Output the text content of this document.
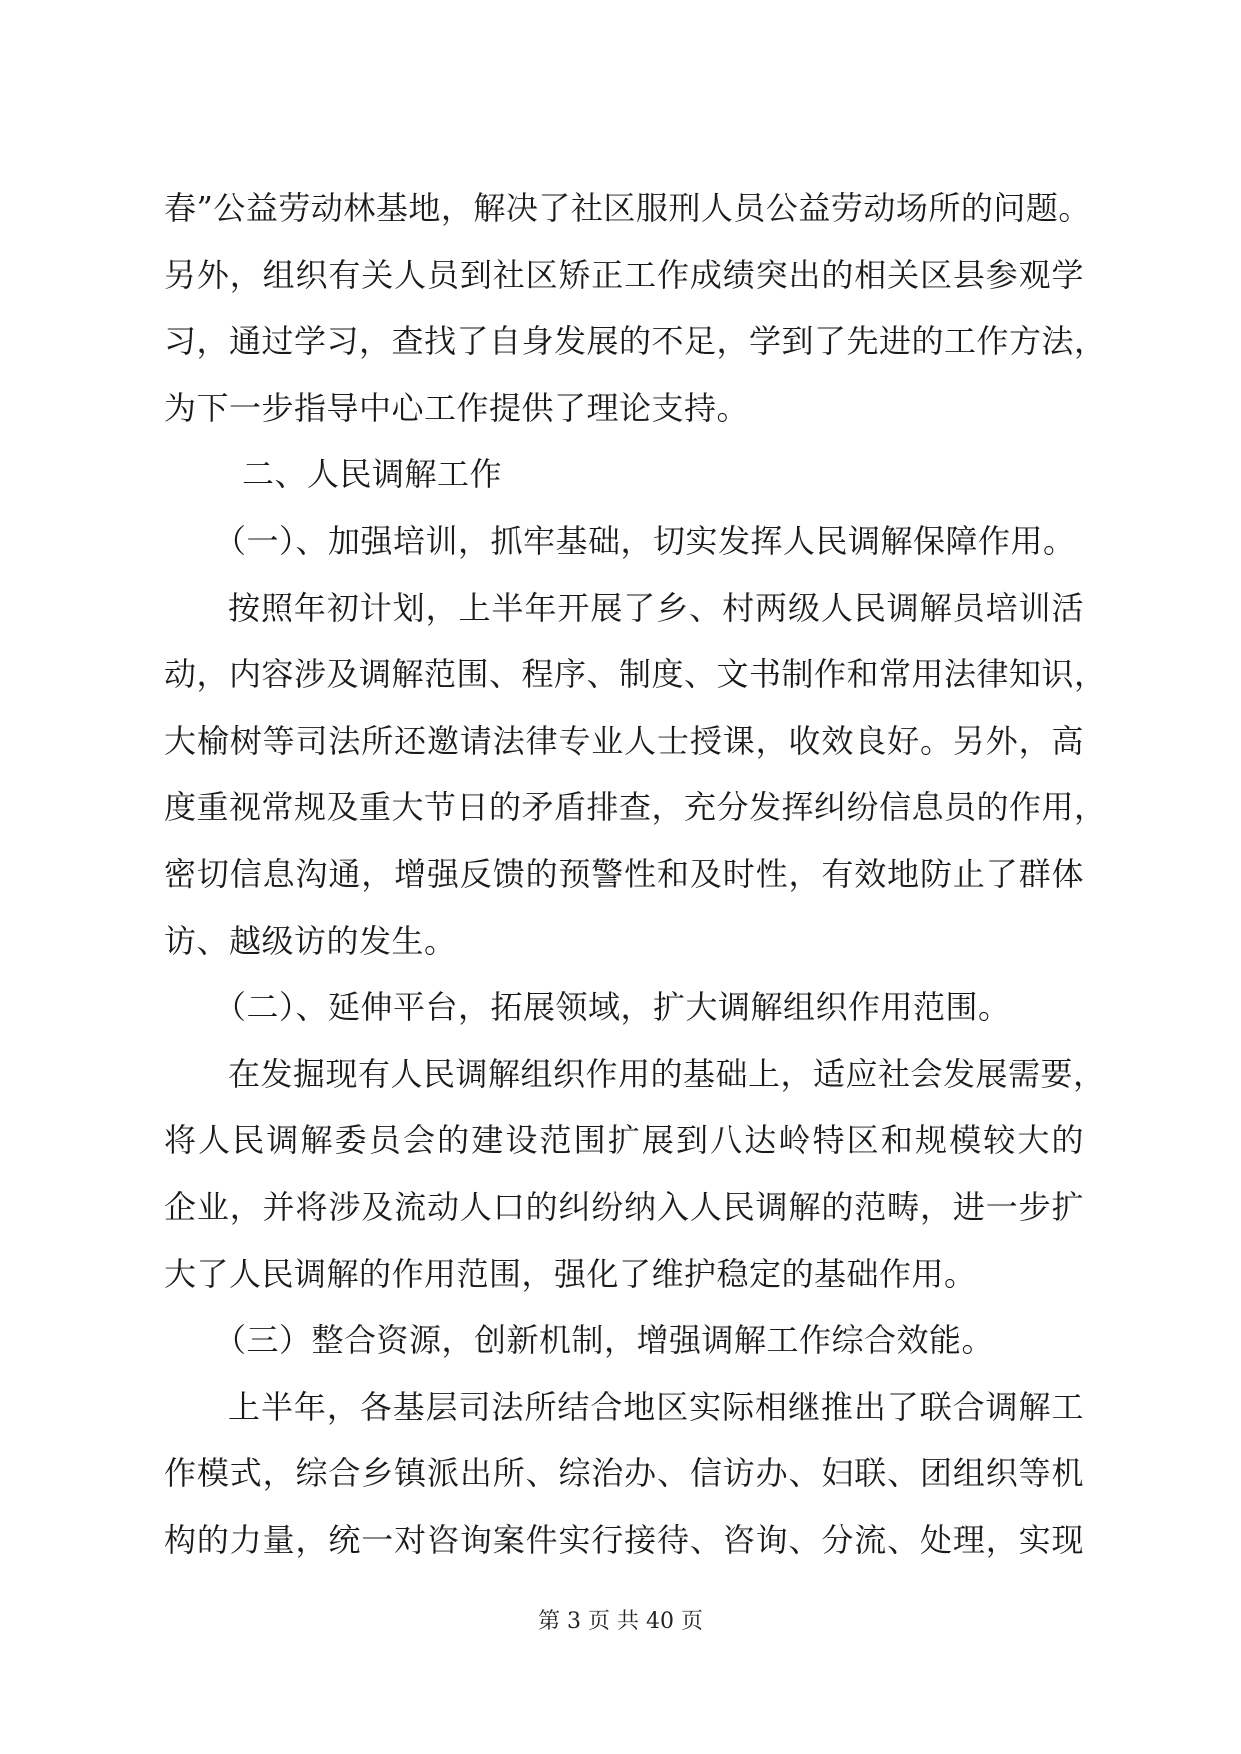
春”公益劳动林基地，解决了社区服刑人员公益劳动场所的问题。
另外，组织有关人员到社区矫正工作成绩突出的相关区县参观学
习，通过学习，查找了自身发展的不足，学到了先进的工作方法，
为下一步指导中心工作提供了理论支持。
二、人民调解工作
（一）、加强培训，抓牢基础，切实发挥人民调解保障作用。
按照年初计划，上半年开展了乡、村两级人民调解员培训活
动，内容涉及调解范围、程序、制度、文书制作和常用法律知识，
大榆树等司法所还邀请法律专业人士授课，收效良好。另外，高
度重视常规及重大节日的矛盾排查，充分发挥纠纷信息员的作用，
密切信息沟通，增强反馈的预警性和及时性，有效地防止了群体
访、越级访的发生。
（二）、延伸平台，拓展领域，扩大调解组织作用范围。
在发掘现有人民调解组织作用的基础上，适应社会发展需要，
将人民调解委员会的建设范围扩展到八达岭特区和规模较大的
企业，并将涉及流动人口的纠纷纳入人民调解的范畴，进一步扩
大了人民调解的作用范围，强化了维护稳定的基础作用。
（三）整合资源，创新机制，增强调解工作综合效能。
上半年，各基层司法所结合地区实际相继推出了联合调解工
作模式，综合乡镇派出所、综治办、信访办、妇联、团组织等机
构的力量，统一对咨询案件实行接待、咨询、分流、处理，实现
第 3 页 共 40 页
